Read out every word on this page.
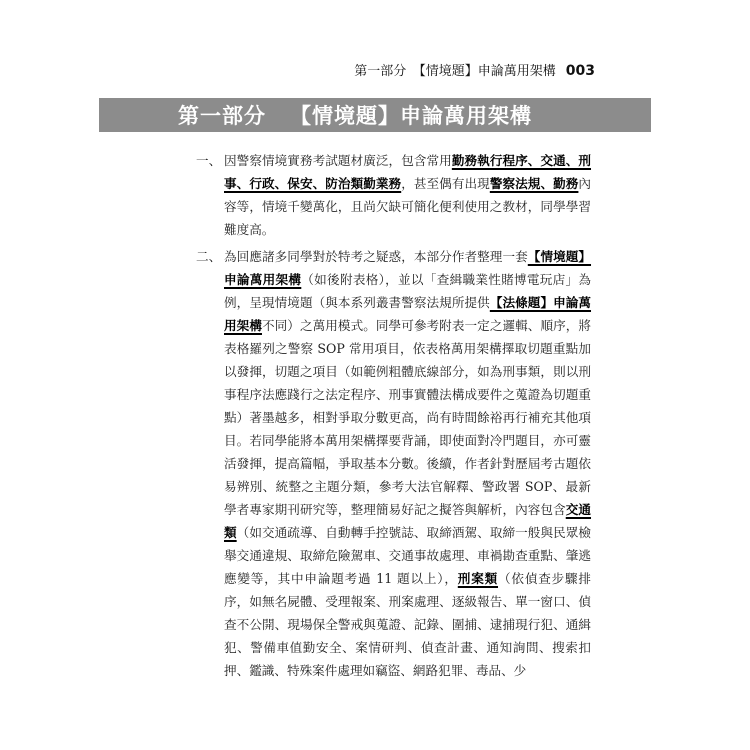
第一部分　【情境題】申論萬用架構 003
第一部分 【情境題】申論萬用架構
一、 因警察情境實務考試題材廣泛，包含常用勤務執行程序、交通、刑事、行政、保安、防治類勤業務，甚至偶有出現警察法規、勤務內容等，情境千變萬化，且尚欠缺可簡化便利使用之教材，同學學習難度高。
二、 為回應諸多同學對於特考之疑惑，本部分作者整理一套【情境題】申論萬用架構（如後附表格），並以「查緝職業性賭博電玩店」為例，呈現情境題（與本系列叢書警察法規所提供【法條題】申論萬用架構不同）之萬用模式。同學可參考附表一定之邏輯、順序，將表格羅列之警察 SOP 常用項目，依表格萬用架構擇取切題重點加以發揮，切題之項目（如範例粗體底線部分，如為刑事類，則以刑事程序法應踐行之法定程序、刑事實體法構成要件之蒐證為切題重點）著墨越多，相對爭取分數更高，尚有時間餘裕再行補充其他項目。若同學能將本萬用架構擇要背誦，即使面對冷門題目，亦可靈活發揮，提高篇幅，爭取基本分數。後續，作者針對歷屆考古題依易辨別、統整之主題分類，參考大法官解釋、警政署 SOP、最新學者專家期刊研究等，整理簡易好記之擬答與解析，內容包含交通類（如交通疏導、自動轉手控號誌、取締酒駕、取締一般與民眾檢舉交通違規、取締危險駕車、交通事故處理、車禍勘查重點、肇逃應變等，其中申論題考過 11 題以上），刑案類（依偵查步驟排序，如無名屍體、受理報案、刑案處理、逐級報告、單一窗口、偵查不公開、現場保全警戒與蒐證、記錄、圍捕、逮捕現行犯、通緝犯、警備車值勤安全、案情研判、偵查計畫、通知詢問、搜索扣押、鑑識、特殊案件處理如竊盜、網路犯罪、毒品、少
